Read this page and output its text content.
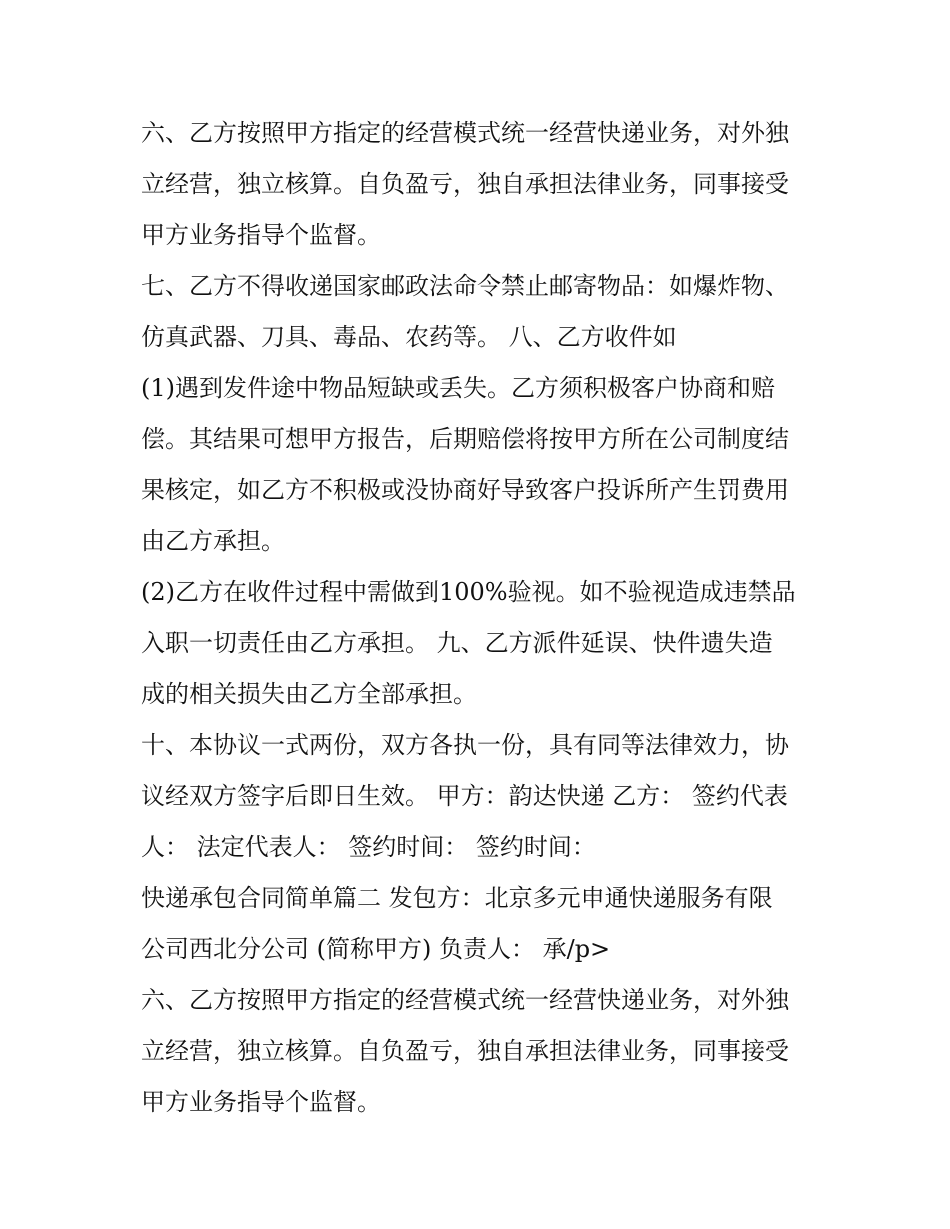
六、乙方按照甲方指定的经营模式统一经营快递业务，对外独
立经营，独立核算。自负盈亏，独自承担法律业务，同事接受
甲方业务指导个监督。
七、乙方不得收递国家邮政法命令禁止邮寄物品：如爆炸物、
仿真武器、刀具、毒品、农药等。 八、乙方收件如
(1)遇到发件途中物品短缺或丢失。乙方须积极客户协商和赔
偿。其结果可想甲方报告，后期赔偿将按甲方所在公司制度结
果核定，如乙方不积极或没协商好导致客户投诉所产生罚费用
由乙方承担。
(2)乙方在收件过程中需做到100%验视。如不验视造成违禁品
入职一切责任由乙方承担。 九、乙方派件延误、快件遗失造
成的相关损失由乙方全部承担。
十、本协议一式两份，双方各执一份，具有同等法律效力，协
议经双方签字后即日生效。 甲方：韵达快递 乙方： 签约代表
人： 法定代表人： 签约时间： 签约时间：
快递承包合同简单篇二 发包方：北京多元申通快递服务有限
公司西北分公司 (简称甲方) 负责人： 承/p>
六、乙方按照甲方指定的经营模式统一经营快递业务，对外独
立经营，独立核算。自负盈亏，独自承担法律业务，同事接受
甲方业务指导个监督。
